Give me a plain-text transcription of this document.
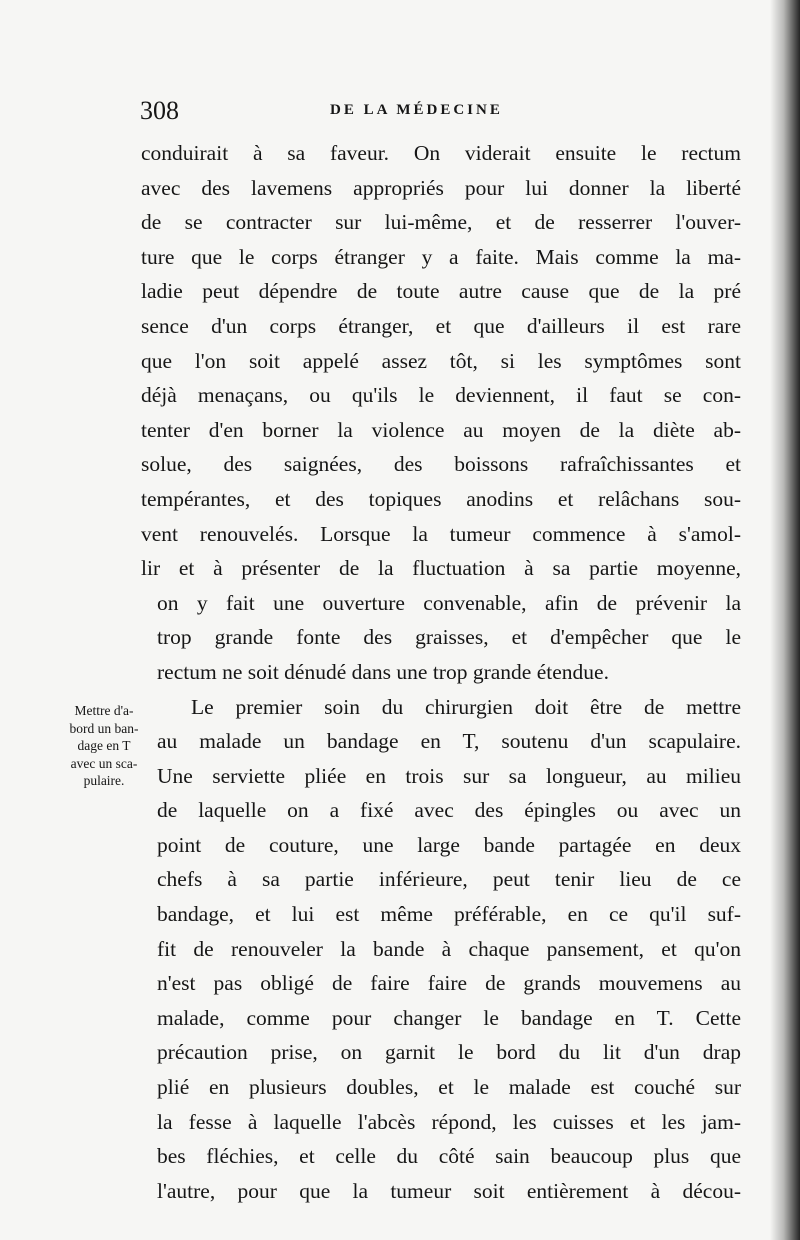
308	DE LA MÉDECINE
Mettre d'a-
bord un ban-
dage en T
avec un sca-
pulaire.
conduirait à sa faveur. On viderait ensuite le rectum
avec des lavemens appropriés pour lui donner la liberté
de se contracter sur lui-même, et de resserrer l'ouver-
ture que le corps étranger y a faite. Mais comme la ma-
ladie peut dépendre de toute autre cause que de la pré
sence d'un corps étranger, et que d'ailleurs il est rare
que l'on soit appelé assez tôt, si les symptômes sont
déjà menaçans, ou qu'ils le deviennent, il faut se con-
tenter d'en borner la violence au moyen de la diète ab-
solue, des saignées, des boissons rafraîchissantes et
tempérantes, et des topiques anodins et relâchans sou-
vent renouvelés. Lorsque la tumeur commence à s'amol-
lir et à présenter de la fluctuation à sa partie moyenne,
on y fait une ouverture convenable, afin de prévenir la
trop grande fonte des graisses, et d'empêcher que le
rectum ne soit dénudé dans une trop grande étendue.
Le premier soin du chirurgien doit être de mettre
au malade un bandage en T, soutenu d'un scapulaire.
Une serviette pliée en trois sur sa longueur, au milieu
de laquelle on a fixé avec des épingles ou avec un
point de couture, une large bande partagée en deux
chefs à sa partie inférieure, peut tenir lieu de ce
bandage, et lui est même préférable, en ce qu'il suf-
fit de renouveler la bande à chaque pansement, et qu'on
n'est pas obligé de faire faire de grands mouvemens au
malade, comme pour changer le bandage en T. Cette
précaution prise, on garnit le bord du lit d'un drap
plié en plusieurs doubles, et le malade est couché sur
la fesse à laquelle l'abcès répond, les cuisses et les jam-
bes fléchies, et celle du côté sain beaucoup plus que
l'autre, pour que la tumeur soit entièrement à décou-
